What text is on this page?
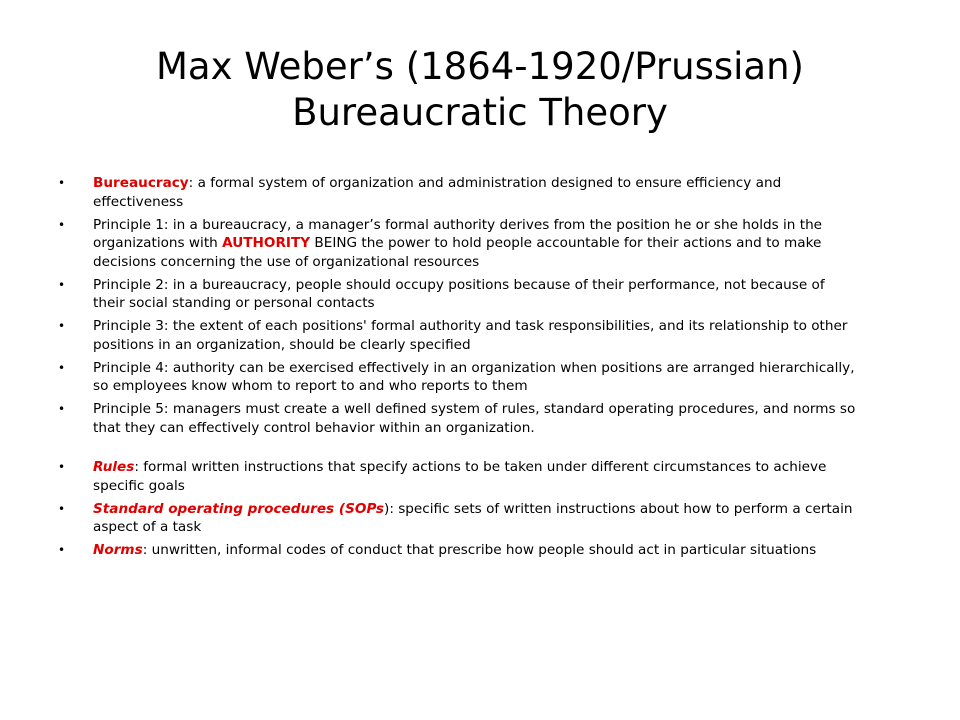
Max Weber’s (1864-1920/Prussian)
Bureaucratic Theory
• Bureaucracy: a formal system of organization and administration designed to ensure efficiency and effectiveness
• Principle 1: in a bureaucracy, a manager’s formal authority derives from the position he or she holds in the organizations with AUTHORITY BEING the power to hold people accountable for their actions and to make decisions concerning the use of organizational resources
• Principle 2: in a bureaucracy, people should occupy positions because of their performance, not because of their social standing or personal contacts
• Principle 3: the extent of each positions' formal authority and task responsibilities, and its relationship to other positions in an organization, should be clearly specified
• Principle 4: authority can be exercised effectively in an organization when positions are arranged hierarchically, so employees know whom to report to and who reports to them
• Principle 5: managers must create a well defined system of rules, standard operating procedures, and norms so that they can effectively control behavior within an organization.
• Rules: formal written instructions that specify actions to be taken under different circumstances to achieve specific goals
• Standard operating procedures (SOPs): specific sets of written instructions about how to perform a certain aspect of a task
• Norms: unwritten, informal codes of conduct that prescribe how people should act in particular situations
